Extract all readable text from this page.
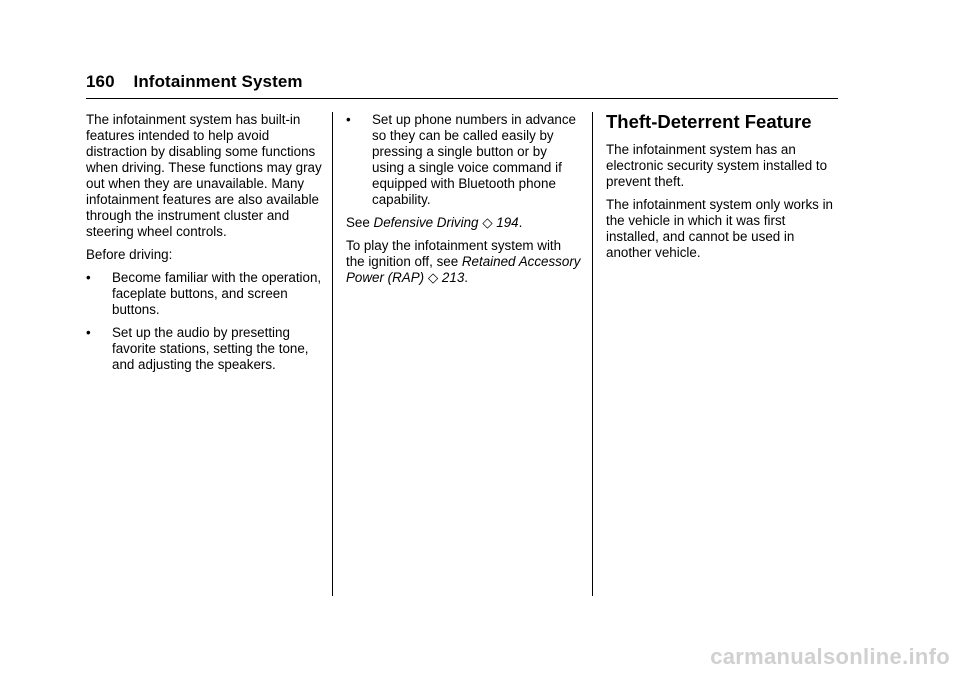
160 Infotainment System

The infotainment system has built-in features intended to help avoid distraction by disabling some functions when driving. These functions may gray out when they are unavailable. Many infotainment features are also available through the instrument cluster and steering wheel controls.

Before driving:

• Become familiar with the operation, faceplate buttons, and screen buttons.
• Set up the audio by presetting favorite stations, setting the tone, and adjusting the speakers.
• Set up phone numbers in advance so they can be called easily by pressing a single button or by using a single voice command if equipped with Bluetooth phone capability.

See Defensive Driving ◇ 194.

To play the infotainment system with the ignition off, see Retained Accessory Power (RAP) ◇ 213.

Theft-Deterrent Feature

The infotainment system has an electronic security system installed to prevent theft.

The infotainment system only works in the vehicle in which it was first installed, and cannot be used in another vehicle.

carmanualsonline.info
